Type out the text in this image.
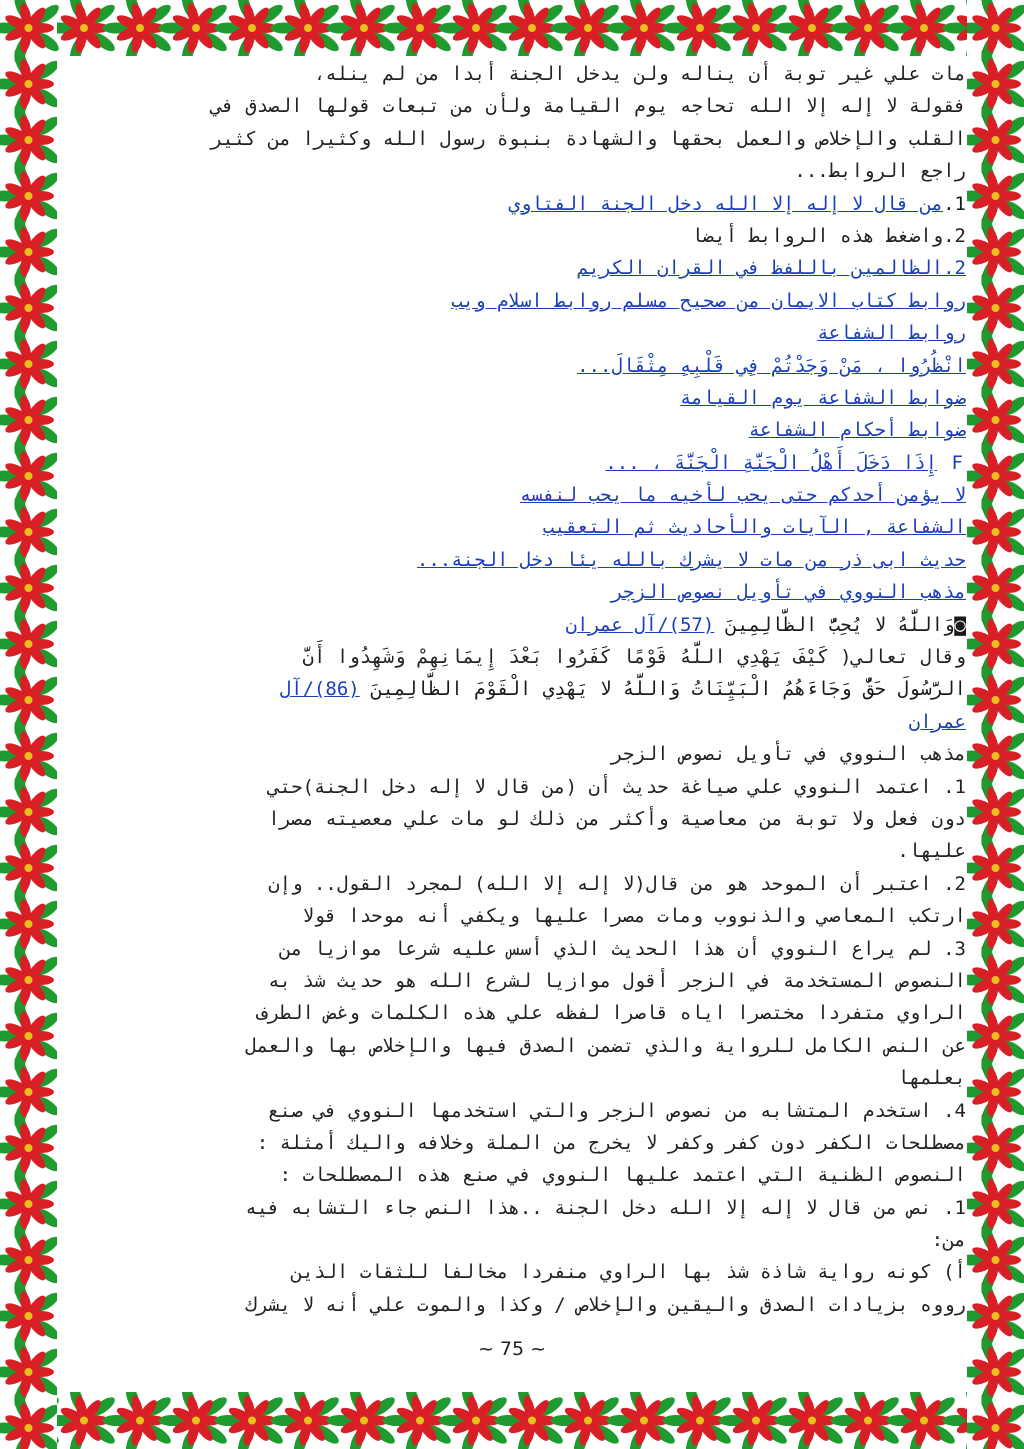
مات علي غير توبة أن يناله ولن يدخل الجنة أبدا من لم ينله،
فقولة لا إله إلا الله تحاجه يوم القيامة ولأن من تبعات قولها الصدق في
القلب والإخلاص والعمل بحقها والشهادة بنبوة رسول الله وكثيرا من كثير
راجع الروابط...
1.من قال لا إله إلا الله دخل الجنة الفتاوي
2.واضغط هذه الروابط أيضا
2.الظالمين باللفظ في القران الكريم
روابط كتاب الايمان من صحيح مسلم روابط اسلام ويب
روابط الشفاعة
انْظُرُوا ، مَنْ وَجَدْتُمْ فِي قَلْبِهِ مِثْقَالَ...
ضوابط الشفاعة يوم القيامة
ضوابط أحكام الشفاعة
F إِذَا دَخَلَ أَهْلُ الْجَنَّةِ الْجَنَّةَ ، ...
لا يؤمن أحدكم حتى يحب لأخيه ما يحب لنفسه
الشفاعة , الآيات والأحاديث ثم التعقيب
حديث ابى ذر من مات لا يشرك بالله يئا دخل الجنة...
مذهب النووي في تأويل نصوص الزجر
◙وَاللَّهُ لا يُحِبُّ الظَّالِمِينَ (57)/آل عمران
وقال تعالي( كَيْفَ يَهْدِي اللَّهُ قَوْمًا كَفَرُوا بَعْدَ إِيمَانِهِمْ وَشَهِدُوا أَنَّ
الرَّسُولَ حَقٌّ وَجَاءَهُمُ الْبَيِّنَاتُ وَاللَّهُ لا يَهْدِي الْقَوْمَ الظَّالِمِينَ (86)/آل
عمران
مذهب النووي في تأويل نصوص الزجر
1. اعتمد النووي علي صياغة حديث أن (من قال لا إله دخل الجنة)حتي
دون فعل ولا توبة من معاصية وأكثر من ذلك لو مات علي معصيته مصرا
عليها.
2. اعتبر أن الموحد هو من قال(لا إله إلا الله) لمجرد القول.. وإن
ارتكب المعاصي والذنووب ومات مصرا عليها ويكفي أنه موحدا قولا
3. لم يراع النووي أن هذا الحديث الذي أسس عليه شرعا موازيا من
النصوص المستخدمة في الزجر أقول موازيا لشرع الله هو حديث شذ به
الراوي متفردا مختصرا اياه قاصرا لفظه علي هذه الكلمات وغض الطرف
عن النص الكامل للرواية والذي تضمن الصدق فيها والإخلاص بها والعمل
بعلمها
4. استخدم المتشابه من نصوص الزجر والتي استخدمها النووي في صنع
مصطلحات الكفر دون كفر وكفر لا يخرج من الملة وخلافه واليك أمثلة :
النصوص الظنية التي اعتمد عليها النووي في صنع هذه المصطلحات :
1. نص من قال لا إله إلا الله دخل الجنة ..هذا النص جاء التشابه فيه
من:
أ) كونه رواية شاذة شذ بها الراوي منفردا مخالفا للثقات الذين
رووه بزيادات الصدق واليقين والإخلاص / وكذا والموت علي أنه لا يشرك
~ 75 ~
